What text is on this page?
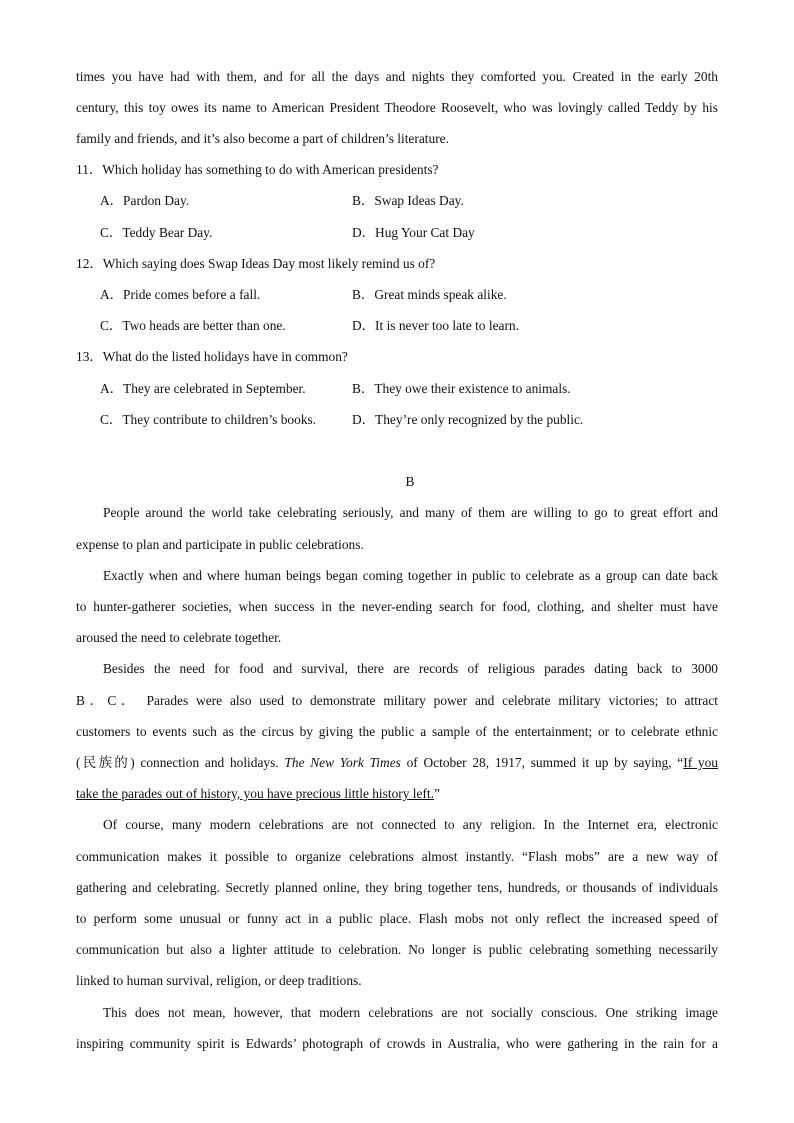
times you have had with them, and for all the days and nights they comforted you. Created in the early 20th
century, this toy owes its name to American President Theodore Roosevelt, who was lovingly called Teddy by his
family and friends, and it’s also become a part of children’s literature.
11．Which holiday has something to do with American presidents?
A．Pardon Day.	B．Swap Ideas Day.
C．Teddy Bear Day.	D．Hug Your Cat Day
12．Which saying does Swap Ideas Day most likely remind us of?
A．Pride comes before a fall.	B．Great minds speak alike.
C．Two heads are better than one.	D．It is never too late to learn.
13．What do the listed holidays have in common?
A．They are celebrated in September.	B．They owe their existence to animals.
C．They contribute to children’s books.	D．They’re only recognized by the public.
B
People around the world take celebrating seriously, and many of them are willing to go to great effort and
expense to plan and participate in public celebrations.
Exactly when and where human beings began coming together in public to celebrate as a group can date back
to hunter-gatherer societies, when success in the never-ending search for food, clothing, and shelter must have
aroused the need to celebrate together.
Besides the need for food and survival, there are records of religious parades dating back to 3000
B．C． Parades were also used to demonstrate military power and celebrate military victories; to attract
customers to events such as the circus by giving the public a sample of the entertainment; or to celebrate ethnic
(民族的) connection and holidays. The New York Times of October 28, 1917, summed it up by saying, “If you
take the parades out of history, you have precious little history left.”
Of course, many modern celebrations are not connected to any religion. In the Internet era, electronic
communication makes it possible to organize celebrations almost instantly. “Flash mobs” are a new way of
gathering and celebrating. Secretly planned online, they bring together tens, hundreds, or thousands of individuals
to perform some unusual or funny act in a public place. Flash mobs not only reflect the increased speed of
communication but also a lighter attitude to celebration. No longer is public celebrating something necessarily
linked to human survival, religion, or deep traditions.
This does not mean, however, that modern celebrations are not socially conscious. One striking image
inspiring community spirit is Edwards’ photograph of crowds in Australia, who were gathering in the rain for a
